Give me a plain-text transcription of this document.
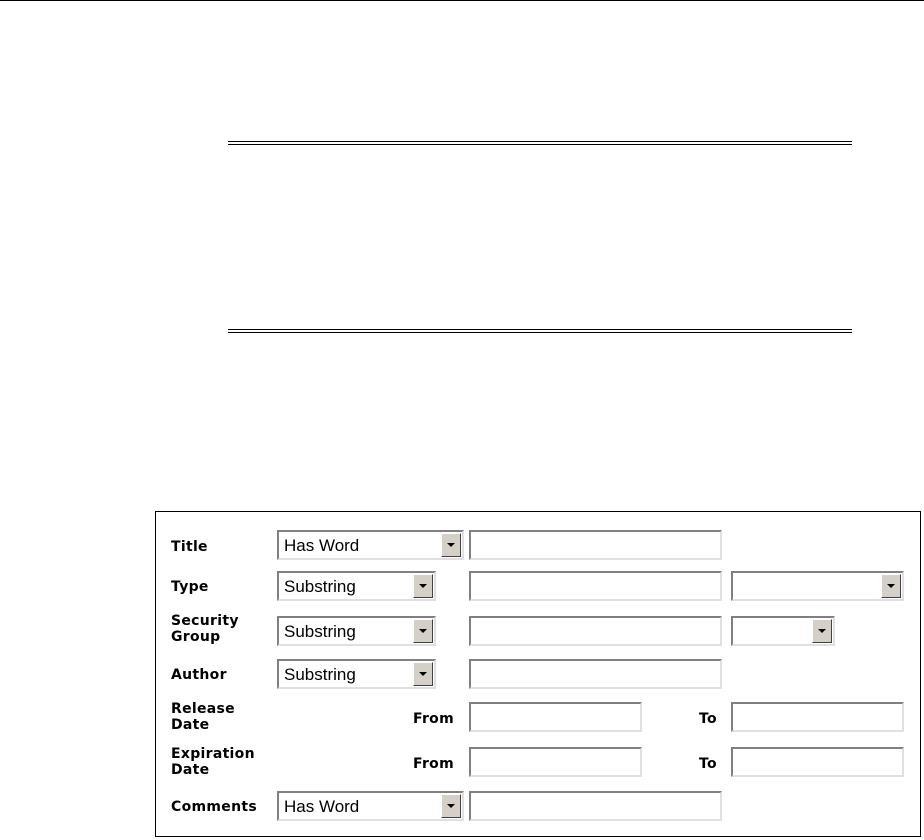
Title	Has Word
Type	Substring
Security
Group	Substring
Author	Substring
Release
Date	From	To
Expiration
Date	From	To
Comments Has Word
